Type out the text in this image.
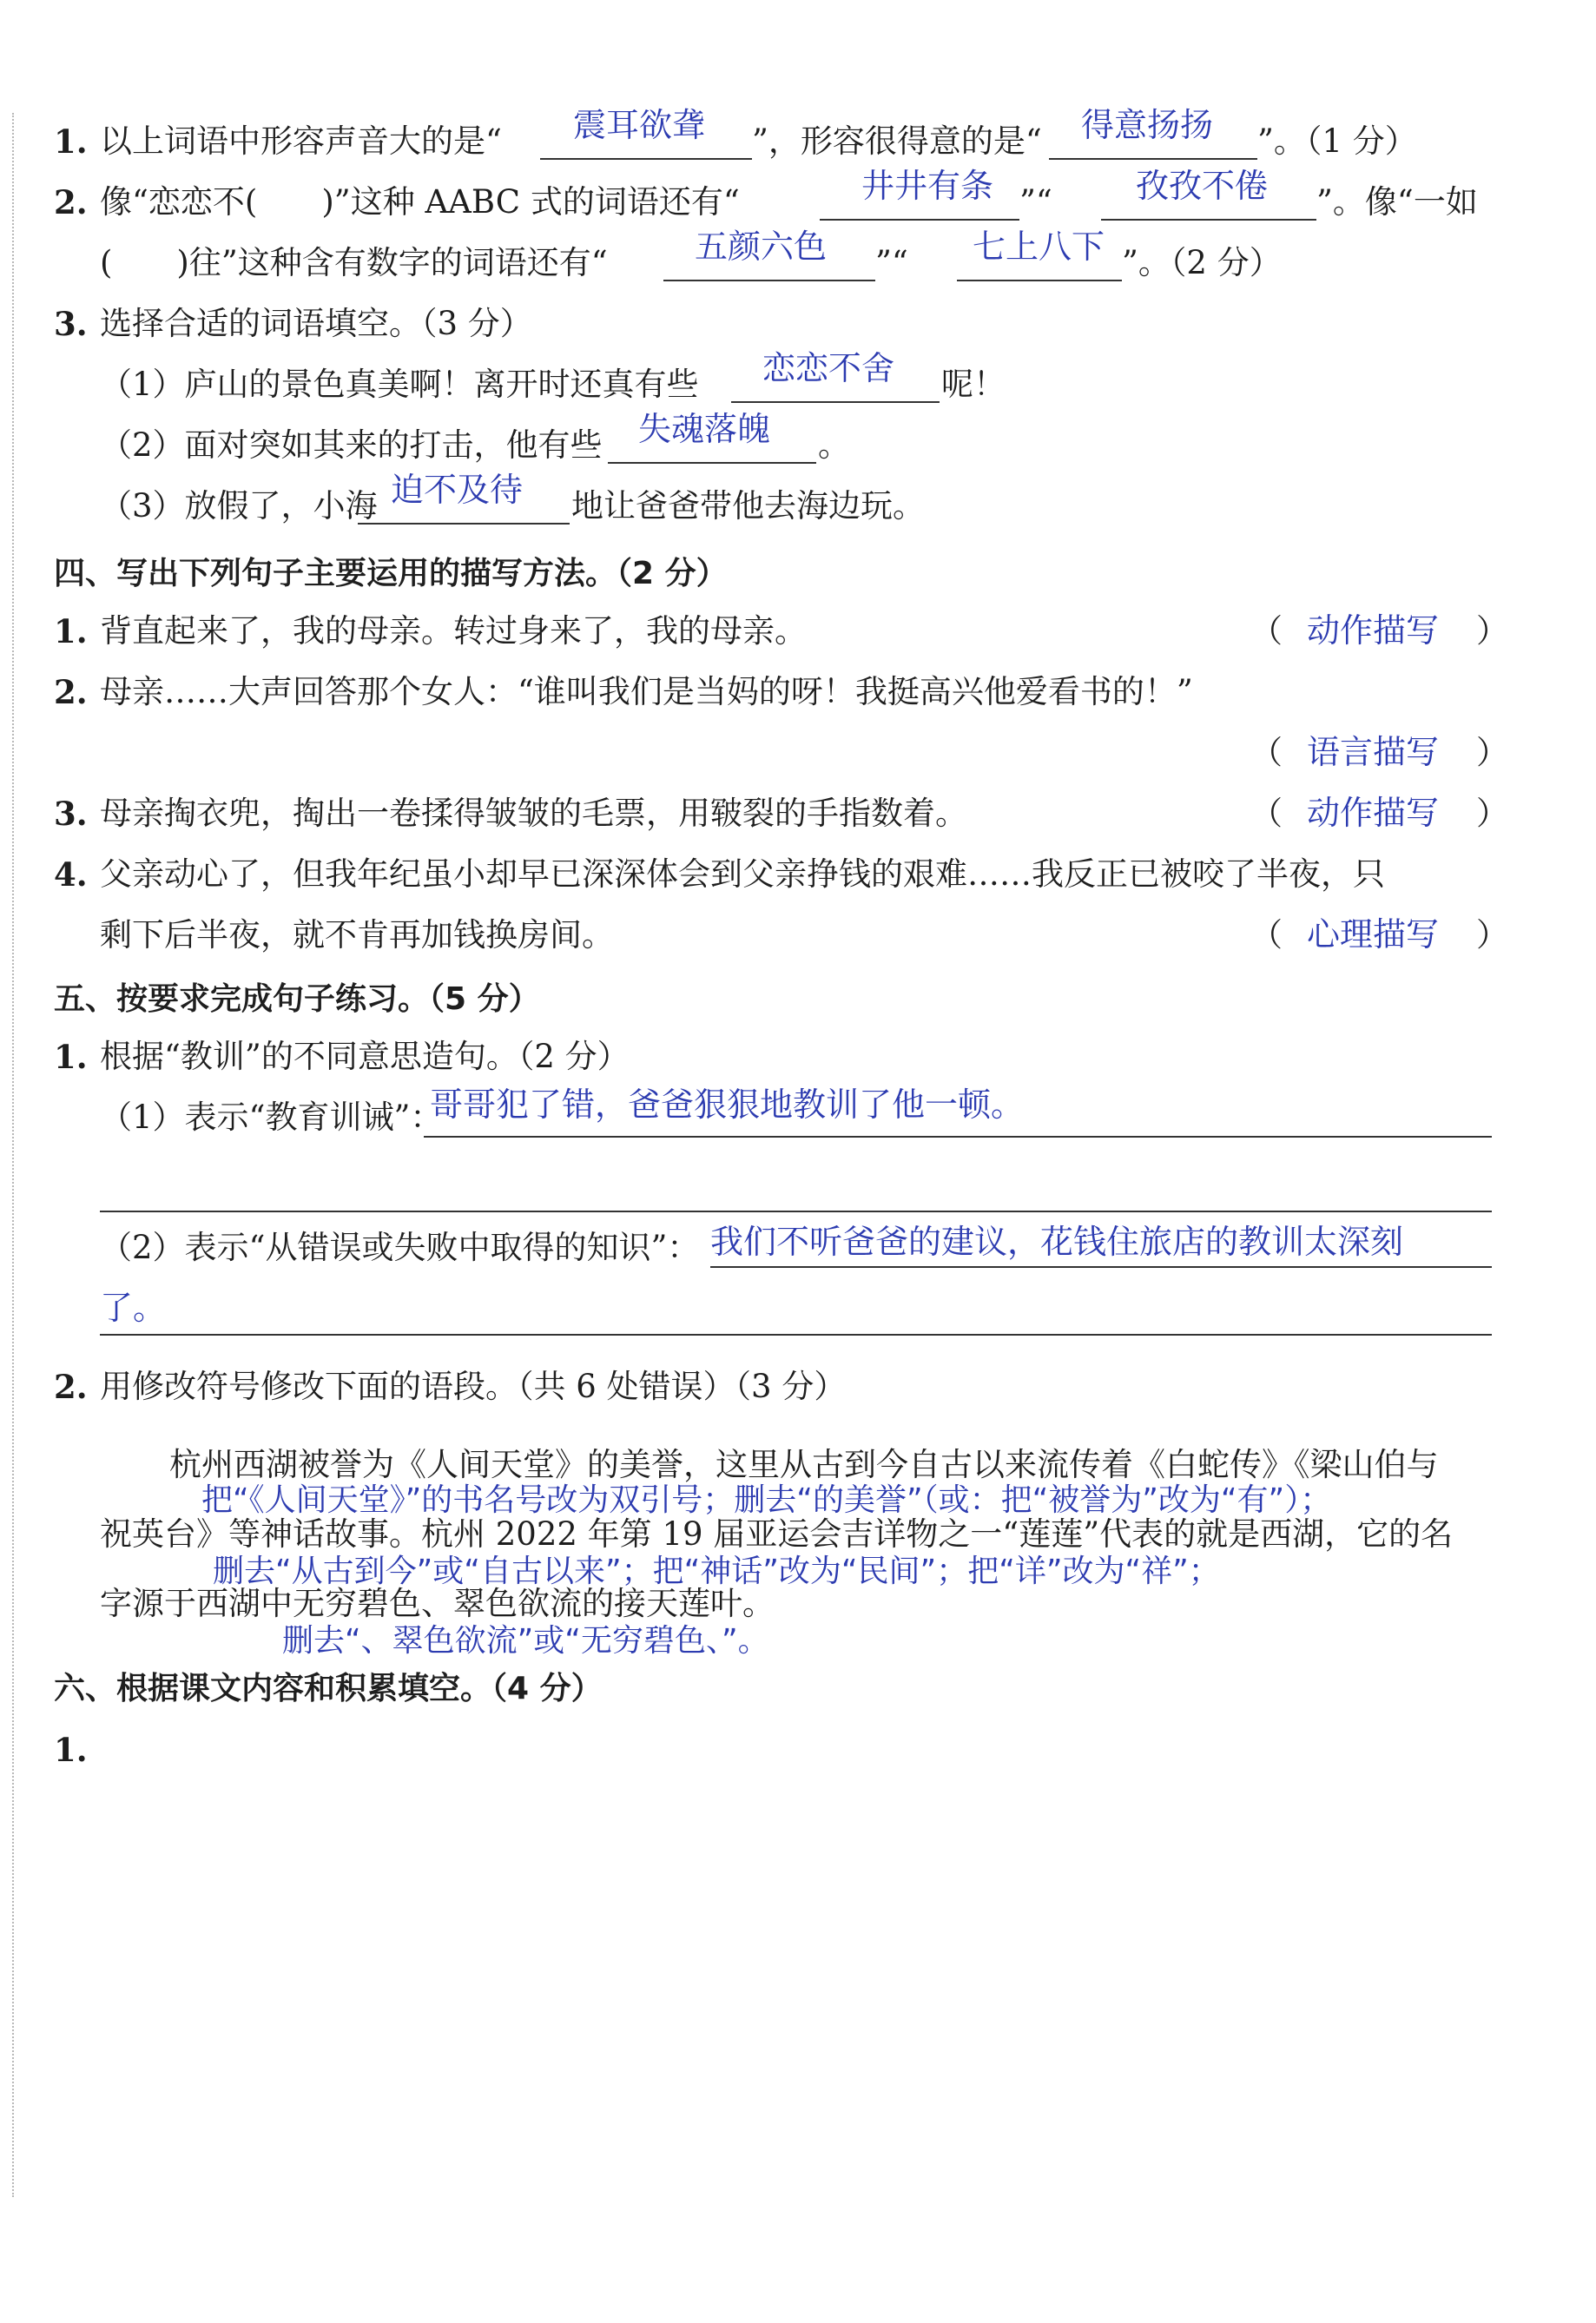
1. 以上词语中形容声音大的是“	”，形容很得意的是“	”。（1 分）
震耳欲聋	得意扬扬
2. 像“恋恋不(　　)”这种 AABC 式的词语还有“	”“	”。像“一如
井井有条	孜孜不倦
(　　)往”这种含有数字的词语还有“	”“	”。（2 分）
五颜六色	七上八下
3. 选择合适的词语填空。（3 分）
（1）庐山的景色真美啊！离开时还真有些	呢！
恋恋不舍
（2）面对突如其来的打击，他有些	。
失魂落魄
（3）放假了，小海	地让爸爸带他去海边玩。
迫不及待
四、写出下列句子主要运用的描写方法。（2 分）
1. 背直起来了，我的母亲。转过身来了，我的母亲。	（	）
动作描写
2. 母亲……大声回答那个女人：“谁叫我们是当妈的呀！我挺高兴他爱看书的！”
（	）
语言描写
3. 母亲掏衣兜，掏出一卷揉得皱皱的毛票，用皲裂的手指数着。	（	）
动作描写
4. 父亲动心了，但我年纪虽小却早已深深体会到父亲挣钱的艰难……我反正已被咬了半夜，只
剩下后半夜，就不肯再加钱换房间。	（	）
心理描写
五、按要求完成句子练习。（5 分）
1. 根据“教训”的不同意思造句。（2 分）
（1）表示“教育训诫”：
哥哥犯了错，爸爸狠狠地教训了他一顿。
（2）表示“从错误或失败中取得的知识”： 我们不听爸爸的建议，花钱住旅店的教训太深刻
了。
2. 用修改符号修改下面的语段。（共 6 处错误）（3 分）
杭州西湖被誉为《人间天堂》的美誉，这里从古到今自古以来流传着《白蛇传》《梁山伯与
把“《人间天堂》”的书名号改为双引号；删去“的美誉”（或：把“被誉为”改为“有”）；
祝英台》等神话故事。杭州 2022 年第 19 届亚运会吉详物之一“莲莲”代表的就是西湖，它的名
删去“从古到今”或“自古以来”；把“神话”改为“民间”；把“详”改为“祥”；
字源于西湖中无穷碧色、翠色欲流的接天莲叶。
删去“、翠色欲流”或“无穷碧色、”。
六、根据课文内容和积累填空。（4 分）
1.
